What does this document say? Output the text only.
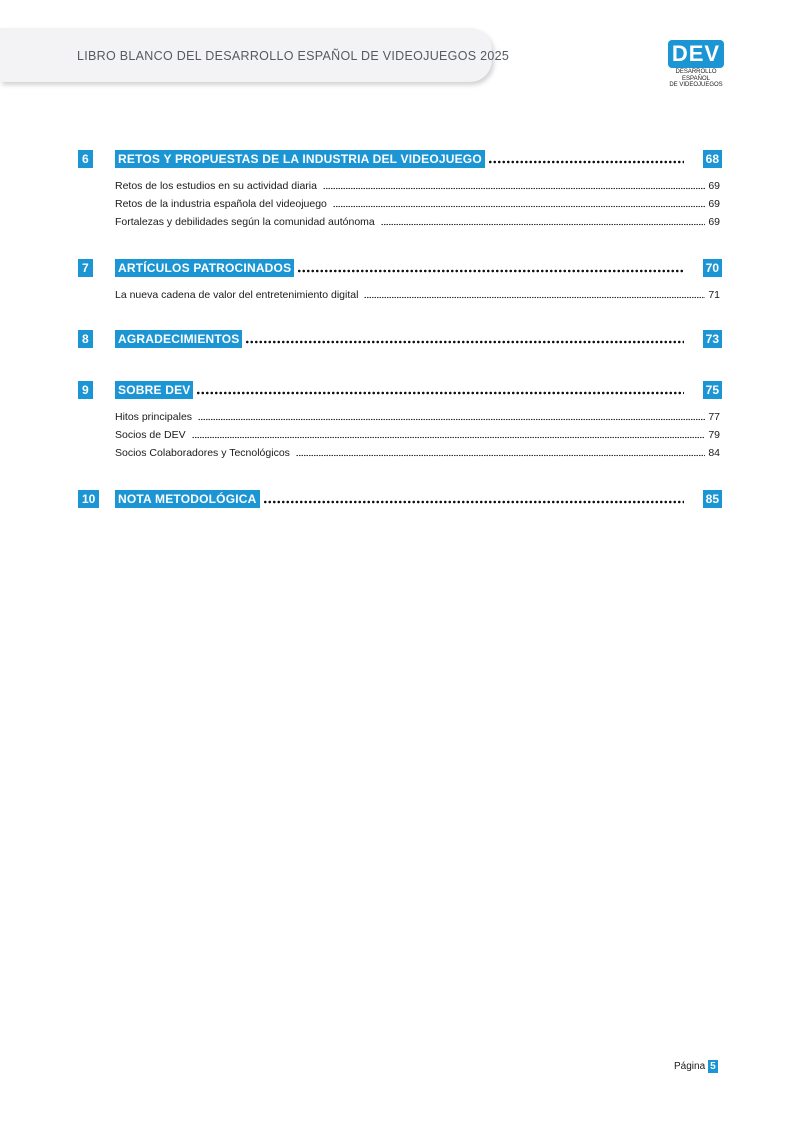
LIBRO BLANCO DEL DESARROLLO ESPAÑOL DE VIDEOJUEGOS 2025	DEV
DESARROLLO ESPAÑOL
DE VIDEOJUEGOS
6	RETOS Y PROPUESTAS DE LA INDUSTRIA DEL VIDEOJUEGO	68
Retos de los estudios en su actividad diaria	69
Retos de la industria española del videojuego	69
Fortalezas y debilidades según la comunidad autónoma	69
7	ARTÍCULOS PATROCINADOS	70
La nueva cadena de valor del entretenimiento digital	71
8	AGRADECIMIENTOS	73
9	SOBRE DEV	75
Hitos principales	77
Socios de DEV	79
Socios Colaboradores y Tecnológicos	84
10	NOTA METODOLÓGICA	85
Página 5
